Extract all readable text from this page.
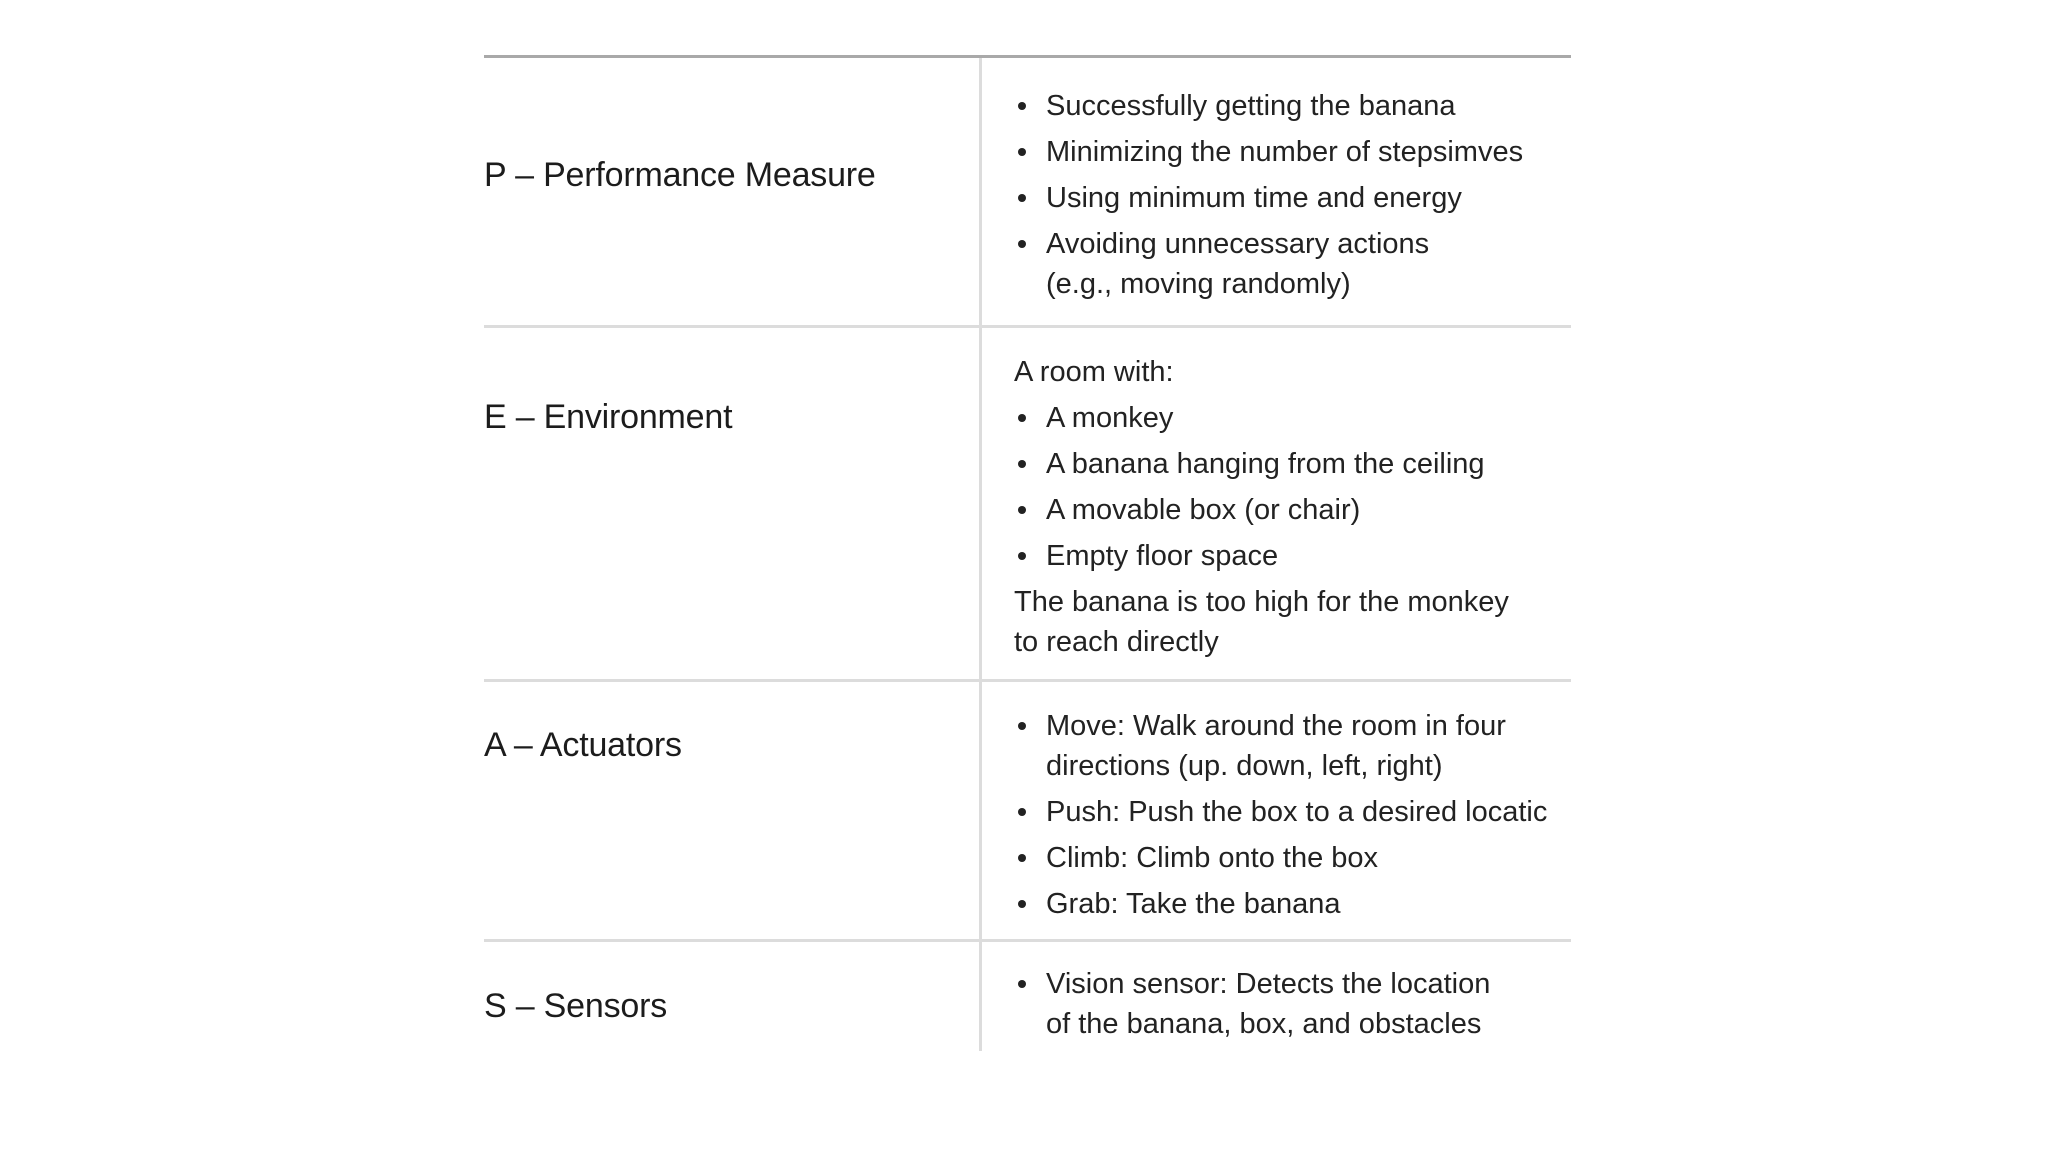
P – Performance Measure
Successfully getting the banana
Minimizing the number of stepsimves
Using minimum time and energy
Avoiding unnecessary actions
(e.g., moving randomly)
E – Environment
A room with:
A monkey
A banana hanging from the ceiling
A movable box (or chair)
Empty floor space
The banana is too high for the monkey
to reach directly
A – Actuators	Move: Walk around the room in four
directions (up. down, left, right)
Push: Push the box to a desired locatic
Climb: Climb onto the box
Grab: Take the banana
S – Sensors
Vision sensor: Detects the location
of the banana, box, and obstacles
